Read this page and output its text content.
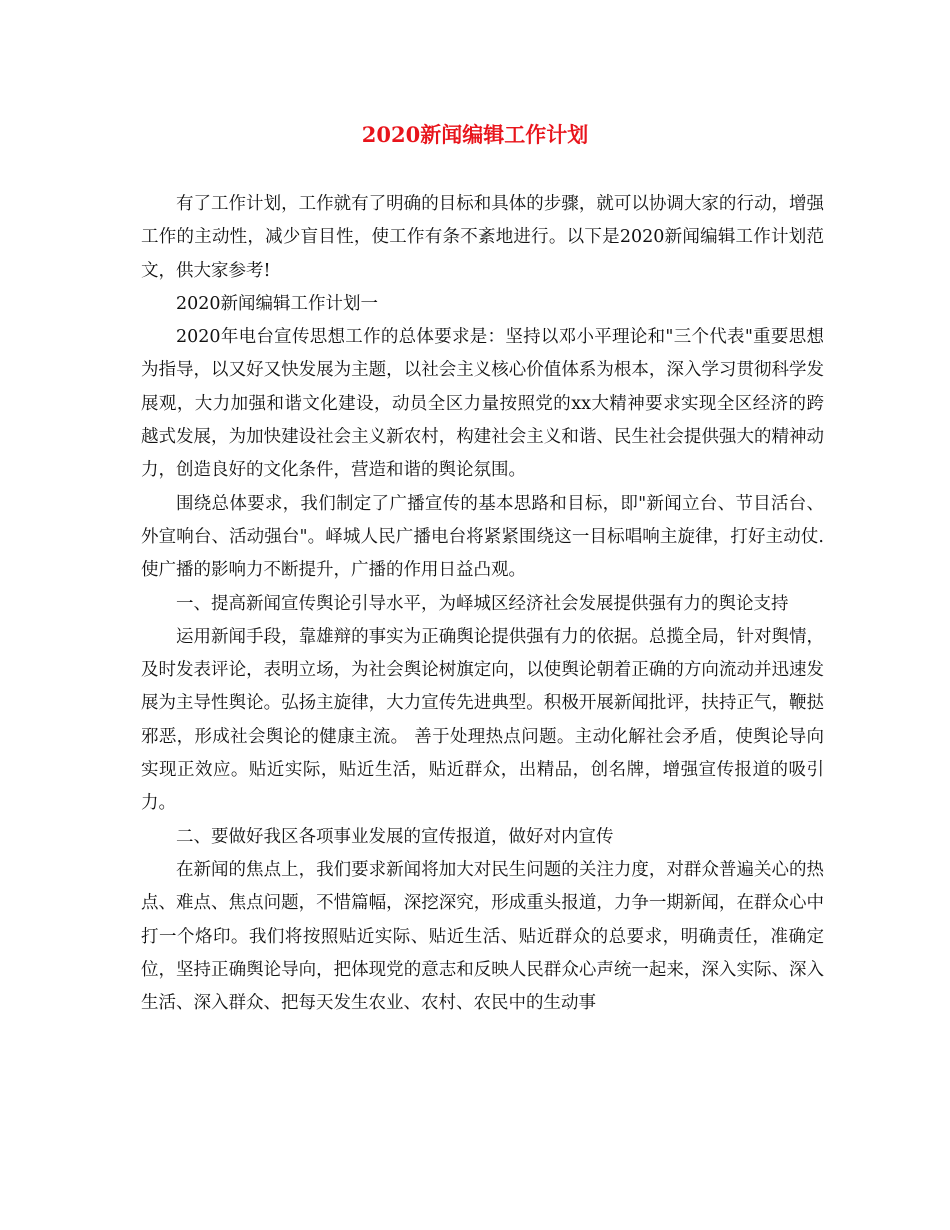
2020新闻编辑工作计划

有了工作计划，工作就有了明确的目标和具体的步骤，就可以协调大家的行动，增强工作的主动性，减少盲目性，使工作有条不紊地进行。以下是2020新闻编辑工作计划范文，供大家参考!

2020新闻编辑工作计划一

2020年电台宣传思想工作的总体要求是：坚持以邓小平理论和"三个代表"重要思想为指导，以又好又快发展为主题，以社会主义核心价值体系为根本，深入学习贯彻科学发展观，大力加强和谐文化建设，动员全区力量按照党的xx大精神要求实现全区经济的跨越式发展，为加快建设社会主义新农村，构建社会主义和谐、民生社会提供强大的精神动力，创造良好的文化条件，营造和谐的舆论氛围。

围绕总体要求，我们制定了广播宣传的基本思路和目标，即"新闻立台、节目活台、外宣响台、活动强台"。峄城人民广播电台将紧紧围绕这一目标唱响主旋律，打好主动仗.使广播的影响力不断提升，广播的作用日益凸观。

一、提高新闻宣传舆论引导水平，为峄城区经济社会发展提供强有力的舆论支持

运用新闻手段，靠雄辩的事实为正确舆论提供强有力的依据。总揽全局，针对舆情，及时发表评论，表明立场，为社会舆论树旗定向，以使舆论朝着正确的方向流动并迅速发展为主导性舆论。弘扬主旋律，大力宣传先进典型。积极开展新闻批评，扶持正气，鞭挞邪恶，形成社会舆论的健康主流。 善于处理热点问题。主动化解社会矛盾，使舆论导向实现正效应。贴近实际，贴近生活，贴近群众，出精品，创名牌，增强宣传报道的吸引力。

二、要做好我区各项事业发展的宣传报道，做好对内宣传

在新闻的焦点上，我们要求新闻将加大对民生问题的关注力度，对群众普遍关心的热点、难点、焦点问题，不惜篇幅，深挖深究，形成重头报道，力争一期新闻，在群众心中打一个烙印。我们将按照贴近实际、贴近生活、贴近群众的总要求，明确责任，准确定位，坚持正确舆论导向，把体现党的意志和反映人民群众心声统一起来，深入实际、深入生活、深入群众、把每天发生农业、农村、农民中的生动事
